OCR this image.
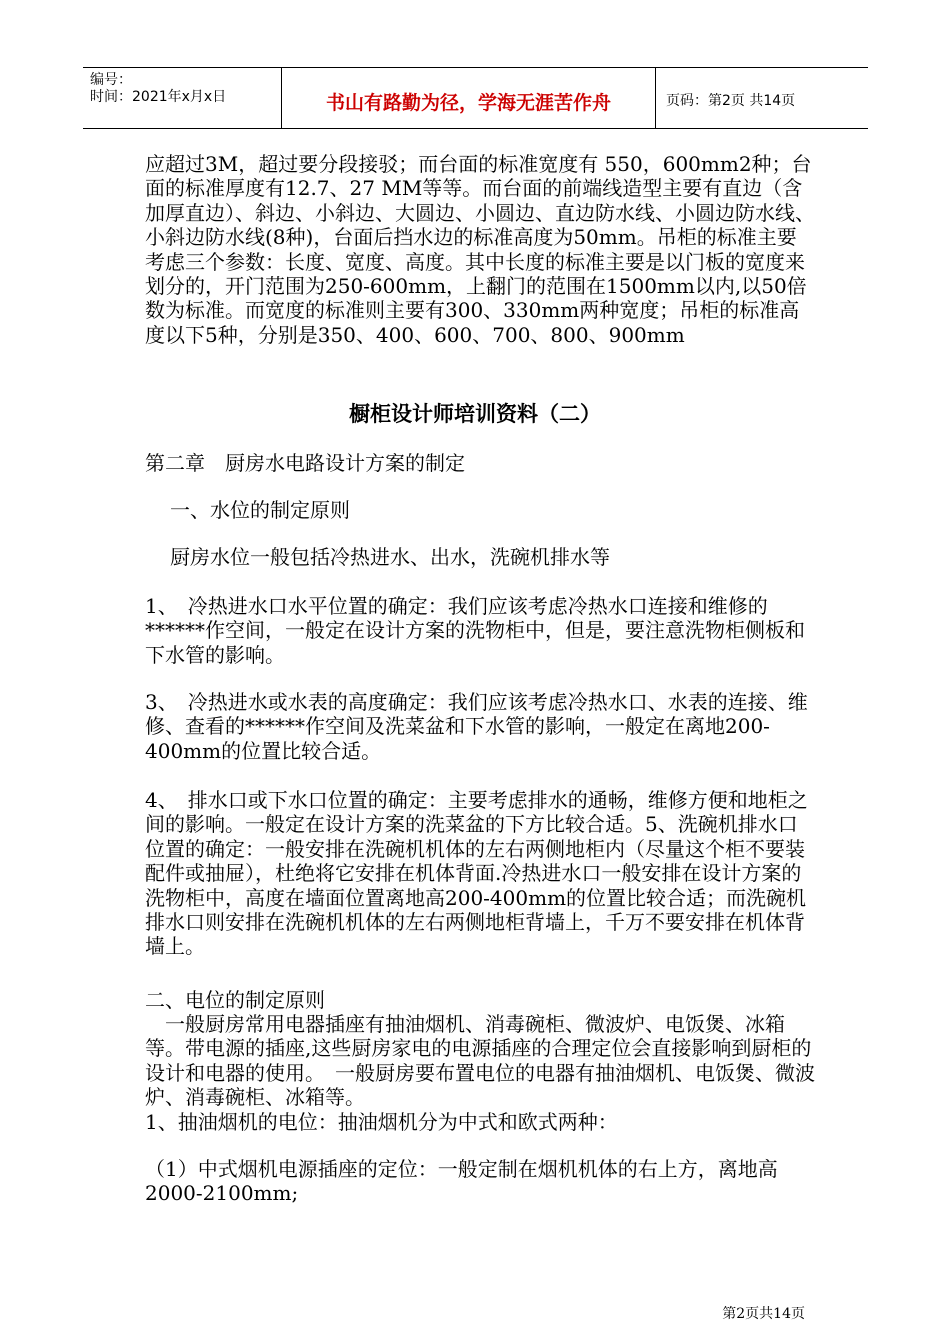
编号：
时间：2021年x月x日	书山有路勤为径，学海无涯苦作舟	页码：第2页 共14页
应超过3M，超过要分段接驳；而台面的标准宽度有 550，600mm2种；台面的标准厚度有12.7、27 MM等等。而台面的前端线造型主要有直边（含加厚直边）、斜边、小斜边、大圆边、小圆边、直边防水线、小圆边防水线、小斜边防水线(8种)，台面后挡水边的标准高度为50mm。吊柜的标准主要考虑三个参数：长度、宽度、高度。其中长度的标准主要是以门板的宽度来划分的，开门范围为250-600mm，上翻门的范围在1500mm以内,以50倍数为标准。而宽度的标准则主要有300、330mm两种宽度；吊柜的标准高度以下5种，分别是350、400、600、700、800、900mm
橱柜设计师培训资料（二）
第二章　厨房水电路设计方案的制定
一、水位的制定原则
厨房水位一般包括冷热进水、出水，洗碗机排水等
1、　冷热进水口水平位置的确定：我们应该考虑冷热水口连接和维修的******作空间，一般定在设计方案的洗物柜中，但是，要注意洗物柜侧板和下水管的影响。
3、　冷热进水或水表的高度确定：我们应该考虑冷热水口、水表的连接、维修、查看的******作空间及洗菜盆和下水管的影响，一般定在离地200-400mm的位置比较合适。
4、　排水口或下水口位置的确定：主要考虑排水的通畅，维修方便和地柜之间的影响。一般定在设计方案的洗菜盆的下方比较合适。5、洗碗机排水口位置的确定：一般安排在洗碗机机体的左右两侧地柜内（尽量这个柜不要装配件或抽屉），杜绝将它安排在机体背面.冷热进水口一般安排在设计方案的洗物柜中，高度在墙面位置离地高200-400mm的位置比较合适；而洗碗机排水口则安排在洗碗机机体的左右两侧地柜背墙上，千万不要安排在机体背墙上。
二、电位的制定原则
　一般厨房常用电器插座有抽油烟机、消毒碗柜、微波炉、电饭煲、冰箱等。带电源的插座,这些厨房家电的电源插座的合理定位会直接影响到厨柜的设计和电器的使用。　一般厨房要布置电位的电器有抽油烟机、电饭煲、微波炉、消毒碗柜、冰箱等。
1、抽油烟机的电位：抽油烟机分为中式和欧式两种：
（1）中式烟机电源插座的定位：一般定制在烟机机体的右上方，离地高2000-2100mm;
第2页共14页
